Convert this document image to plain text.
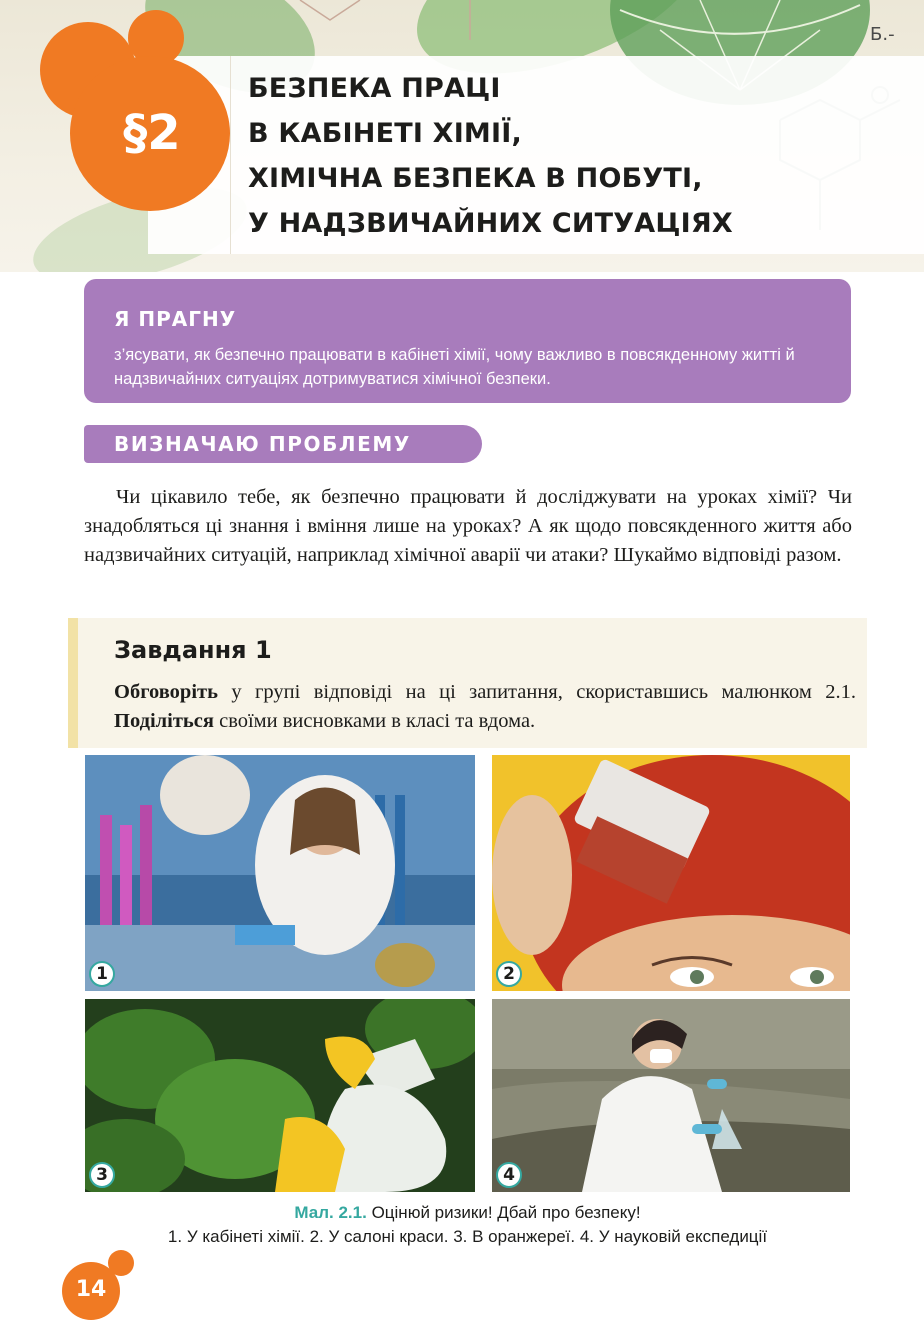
Б.-
БЕЗПЕКА ПРАЦІ
В КАБІНЕТІ ХІМІЇ,
ХІМІЧНА БЕЗПЕКА В ПОБУТІ,
У НАДЗВИЧАЙНИХ СИТУАЦІЯХ
§2
Я ПРАГНУ
з’ясувати, як безпечно працювати в кабінеті хімії, чому важливо в повсякденному житті й надзвичайних ситуаціях дотримуватися хімічної безпеки.
ВИЗНАЧАЮ ПРОБЛЕМУ
Чи цікавило тебе, як безпечно працювати й досліджувати на уроках хімії? Чи знадобляться ці знання і вміння лише на уроках? А як щодо повсякденного життя або надзвичайних ситуацій, наприклад хімічної аварії чи атаки? Шукаймо відповіді разом.
Завдання 1
Обговоріть у групі відповіді на ці запитання, скориставшись малюнком 2.1. Поділіться своїми висновками в класі та вдома.
1	2
3	4
Мал. 2.1. Оцінюй ризики! Дбай про безпеку!
1. У кабінеті хімії. 2. У салоні краси. 3. В оранжереї. 4. У науковій експедиції
14
